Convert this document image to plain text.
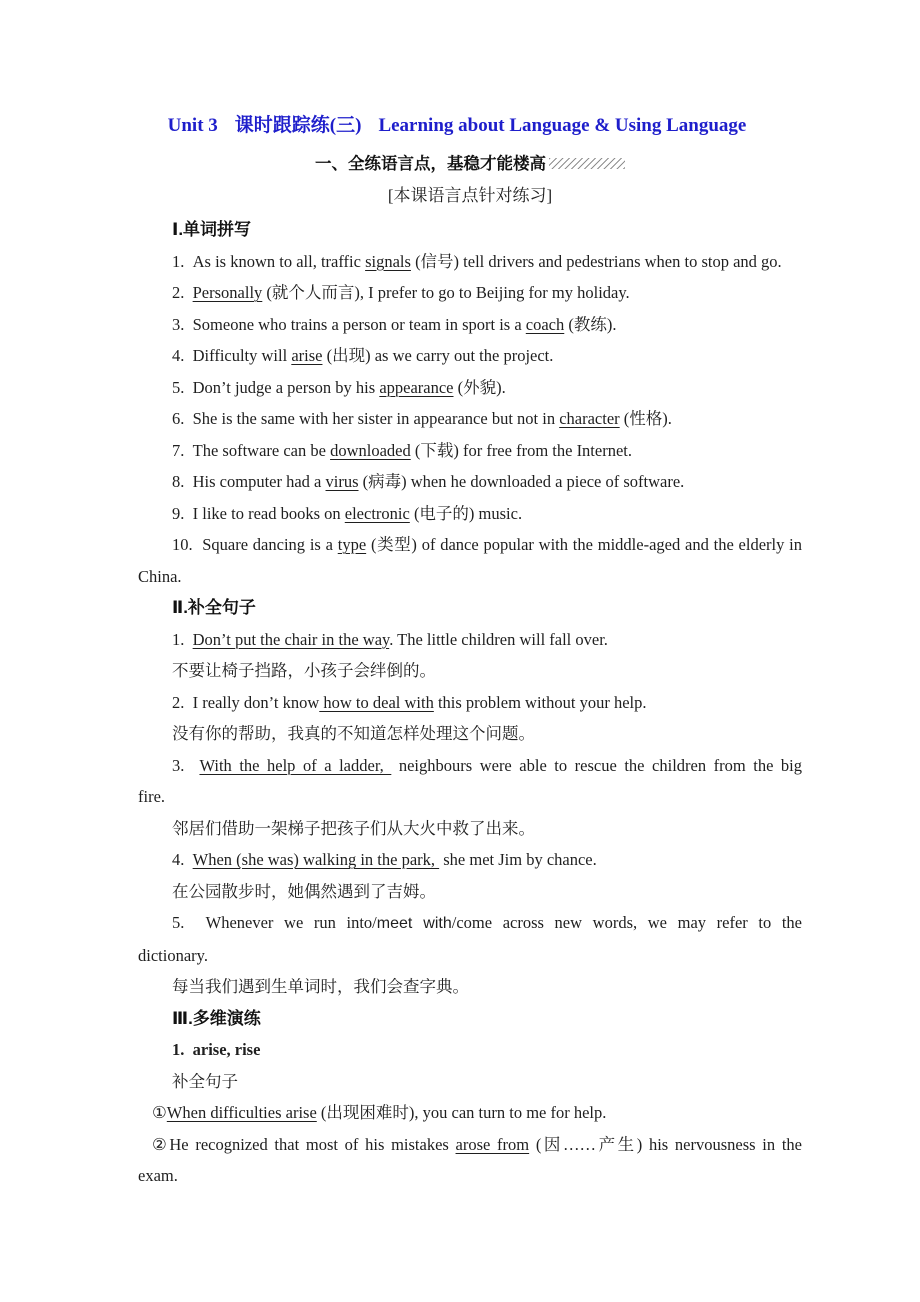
Unit 3 课时跟踪练(三) Learning about Language & Using Language
一、全练语言点，基稳才能楼高
[本课语言点针对练习]
Ⅰ.单词拼写
1.  As is known to all, traffic signals (信号) tell drivers and pedestrians when to stop and go.
2.  Personally (就个人而言), I prefer to go to Beijing for my holiday.
3.  Someone who trains a person or team in sport is a coach (教练).
4.  Difficulty will arise (出现) as we carry out the project.
5.  Don’t judge a person by his appearance (外貌).
6.  She is the same with her sister in appearance but not in character (性格).
7.  The software can be downloaded (下载) for free from the Internet.
8.  His computer had a virus (病毒) when he downloaded a piece of software.
9.  I like to read books on electronic (电子的) music.
10.  Square dancing is a type (类型) of dance popular with the middle-aged and the elderly in
China.
Ⅱ.补全句子
1.  Don’t put the chair in the way. The little children will fall over.
不要让椅子挡路，小孩子会绊倒的。
2.  I really don’t know how to deal with this problem without your help.
没有你的帮助，我真的不知道怎样处理这个问题。
3.  With the help of a ladder,  neighbours were able to rescue the children from the big
fire.
邻居们借助一架梯子把孩子们从大火中救了出来。
4.  When (she was) walking in the park,  she met Jim by chance.
在公园散步时，她偶然遇到了吉姆。
5.  Whenever we run into/meet with/come across new words, we may refer to the
dictionary.
每当我们遇到生单词时，我们会查字典。
Ⅲ.多维演练
1.  arise, rise
补全句子
①When difficulties arise (出现困难时), you can turn to me for help.
②He recognized that most of his mistakes arose from (因……产生) his nervousness in the
exam.
